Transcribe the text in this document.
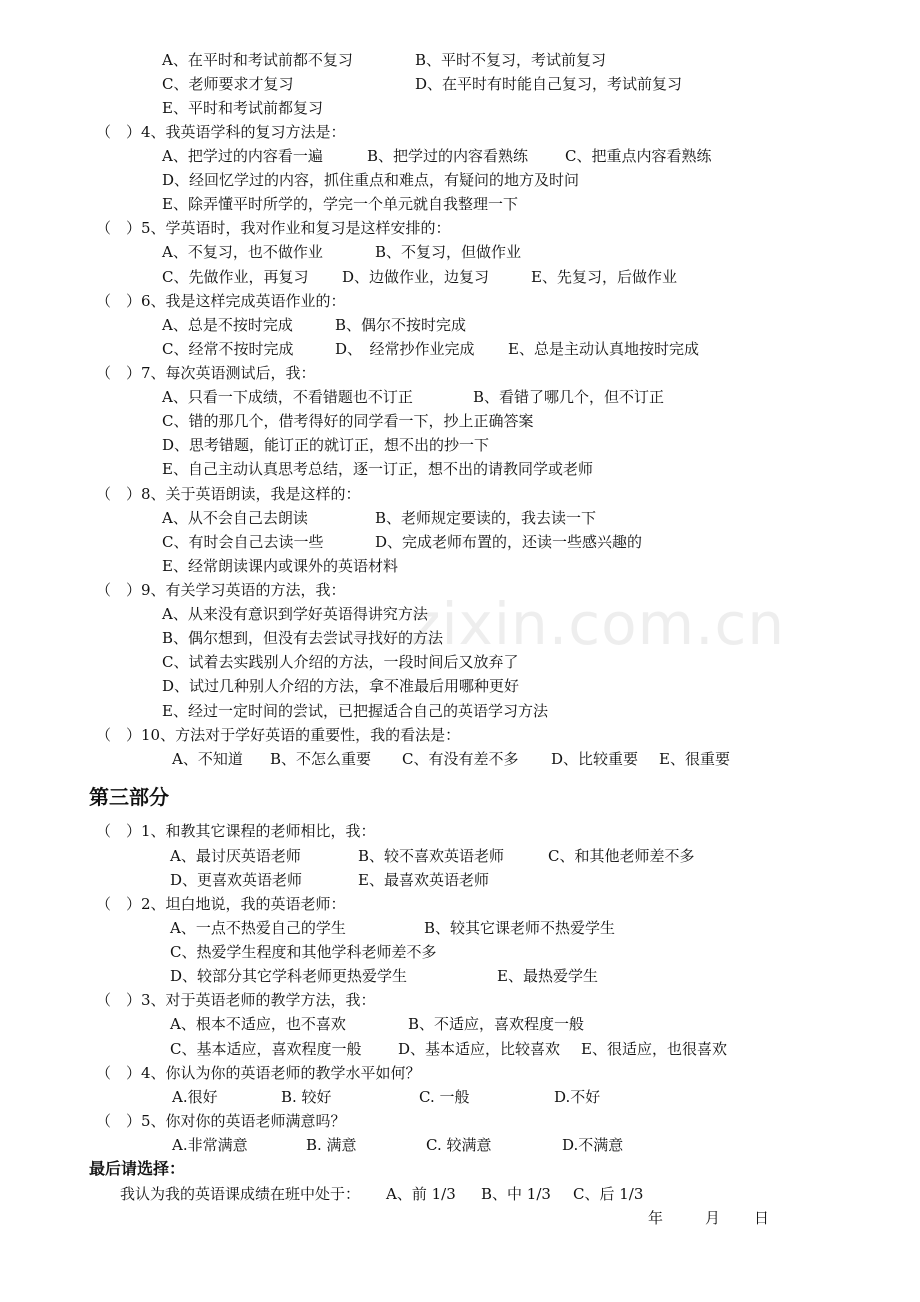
A、在平时和考试前都不复习	B、平时不复习，考试前复习
C、老师要求才复习	D、在平时有时能自己复习，考试前复习
E、平时和考试前都复习
（　）4、我英语学科的复习方法是：
A、把学过的内容看一遍	B、把学过的内容看熟练 C、把重点内容看熟练
D、经回忆学过的内容，抓住重点和难点，有疑问的地方及时问
E、除弄懂平时所学的，学完一个单元就自我整理一下
（　）5、学英语时，我对作业和复习是这样安排的：
A、不复习，也不做作业	B、不复习，但做作业
C、先做作业，再复习 D、边做作业，边复习	E、先复习，后做作业
（　）6、我是这样完成英语作业的：
A、总是不按时完成	B、偶尔不按时完成
C、经常不按时完成	D、　经常抄作业完成 E、总是主动认真地按时完成
（　）7、每次英语测试后，我：
A、只看一下成绩，不看错题也不订正	B、看错了哪几个，但不订正
C、错的那几个，借考得好的同学看一下，抄上正确答案
D、思考错题，能订正的就订正，想不出的抄一下
E、自己主动认真思考总结，逐一订正，想不出的请教同学或老师
（　）8、关于英语朗读，我是这样的：
A、从不会自己去朗读	B、老师规定要读的，我去读一下
C、有时会自己去读一些	D、完成老师布置的，还读一些感兴趣的
E、经常朗读课内或课外的英语材料
（　）9、有关学习英语的方法，我：
A、从来没有意识到学好英语得讲究方法
B、偶尔想到，但没有去尝试寻找好的方法
C、试着去实践别人介绍的方法，一段时间后又放弃了
D、试过几种别人介绍的方法，拿不准最后用哪种更好
E、经过一定时间的尝试，已把握适合自己的英语学习方法
（　）10、方法对于学好英语的重要性，我的看法是：
A、不知道 B、不怎么重要 C、有没有差不多 D、比较重要 E、很重要
第三部分
（　）1、和教其它课程的老师相比，我：
A、最讨厌英语老师	B、较不喜欢英语老师	C、和其他老师差不多
D、更喜欢英语老师	E、最喜欢英语老师
（　）2、坦白地说，我的英语老师：
A、一点不热爱自己的学生	B、较其它课老师不热爱学生
C、热爱学生程度和其他学科老师差不多
D、较部分其它学科老师更热爱学生	E、最热爱学生
（　）3、对于英语老师的教学方法，我：
A、根本不适应，也不喜欢	B、不适应，喜欢程度一般
C、基本适应，喜欢程度一般 D、基本适应，比较喜欢 E、很适应，也很喜欢
（　）4、你认为你的英语老师的教学水平如何？
A.很好	B. 较好	C. 一般	D.不好
（　）5、你对你的英语老师满意吗？
A.非常满意	B. 满意	C. 较满意	D.不满意
最后请选择：
我认为我的英语课成绩在班中处于： A、前 1/3 B、中 1/3 C、后 1/3
年	月 日
zixin.com.cn
